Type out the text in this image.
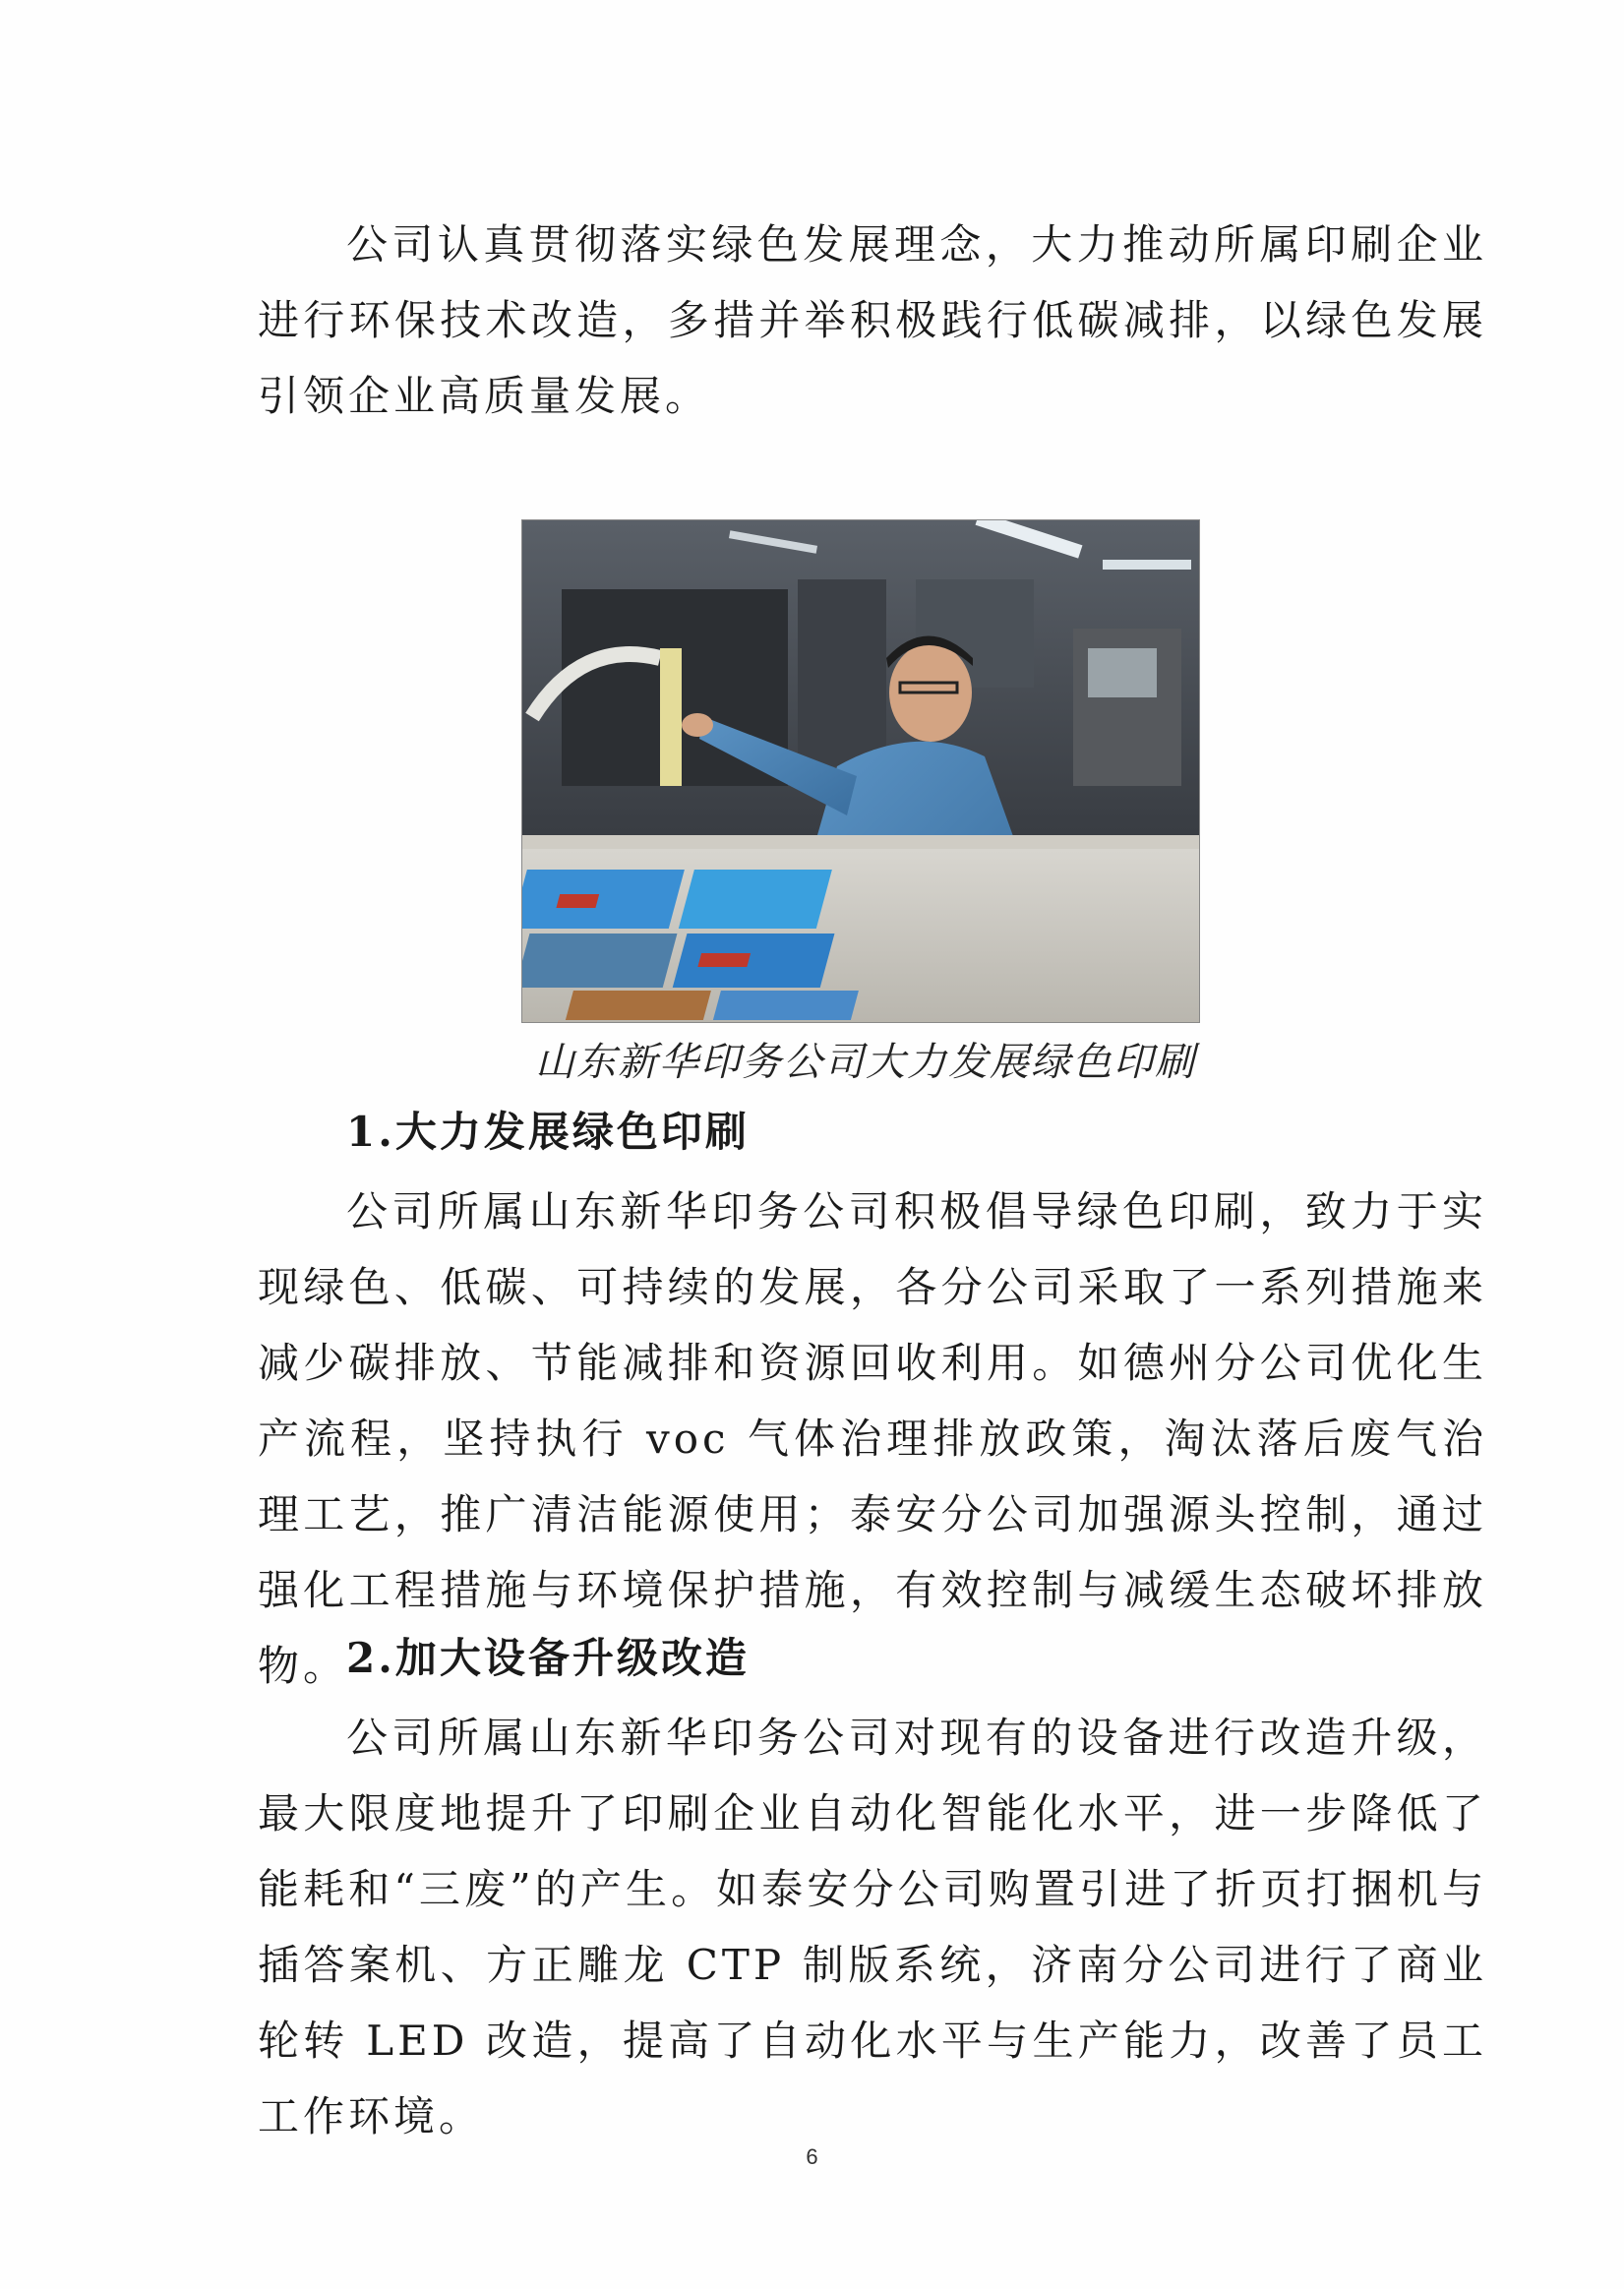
公司认真贯彻落实绿色发展理念，大力推动所属印刷企业进行环保技术改造，多措并举积极践行低碳减排，以绿色发展引领企业高质量发展。

山东新华印务公司大力发展绿色印刷

1.大力发展绿色印刷

公司所属山东新华印务公司积极倡导绿色印刷，致力于实现绿色、低碳、可持续的发展，各分公司采取了一系列措施来减少碳排放、节能减排和资源回收利用。如德州分公司优化生产流程，坚持执行 voc 气体治理排放政策，淘汰落后废气治理工艺，推广清洁能源使用；泰安分公司加强源头控制，通过强化工程措施与环境保护措施，有效控制与减缓生态破坏排放物。

2.加大设备升级改造

公司所属山东新华印务公司对现有的设备进行改造升级，最大限度地提升了印刷企业自动化智能化水平，进一步降低了能耗和“三废”的产生。如泰安分公司购置引进了折页打捆机与插答案机、方正雕龙 CTP 制版系统，济南分公司进行了商业轮转 LED 改造，提高了自动化水平与生产能力，改善了员工工作环境。

6
